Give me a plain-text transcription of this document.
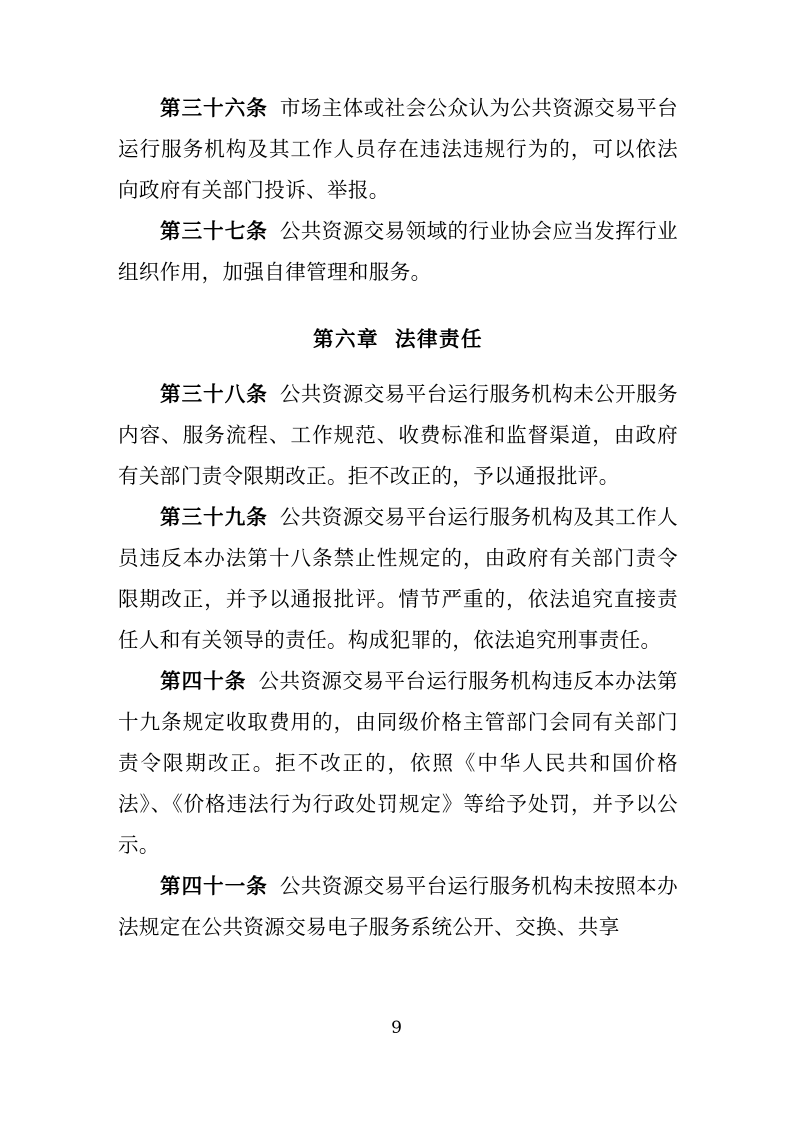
第三十六条 市场主体或社会公众认为公共资源交易平台运行服务机构及其工作人员存在违法违规行为的，可以依法向政府有关部门投诉、举报。

第三十七条 公共资源交易领域的行业协会应当发挥行业组织作用，加强自律管理和服务。

第六章 法律责任

第三十八条 公共资源交易平台运行服务机构未公开服务内容、服务流程、工作规范、收费标准和监督渠道，由政府有关部门责令限期改正。拒不改正的，予以通报批评。

第三十九条 公共资源交易平台运行服务机构及其工作人员违反本办法第十八条禁止性规定的，由政府有关部门责令限期改正，并予以通报批评。情节严重的，依法追究直接责任人和有关领导的责任。构成犯罪的，依法追究刑事责任。

第四十条 公共资源交易平台运行服务机构违反本办法第十九条规定收取费用的，由同级价格主管部门会同有关部门责令限期改正。拒不改正的，依照《中华人民共和国价格法》、《价格违法行为行政处罚规定》等给予处罚，并予以公示。

第四十一条 公共资源交易平台运行服务机构未按照本办法规定在公共资源交易电子服务系统公开、交换、共享

9
